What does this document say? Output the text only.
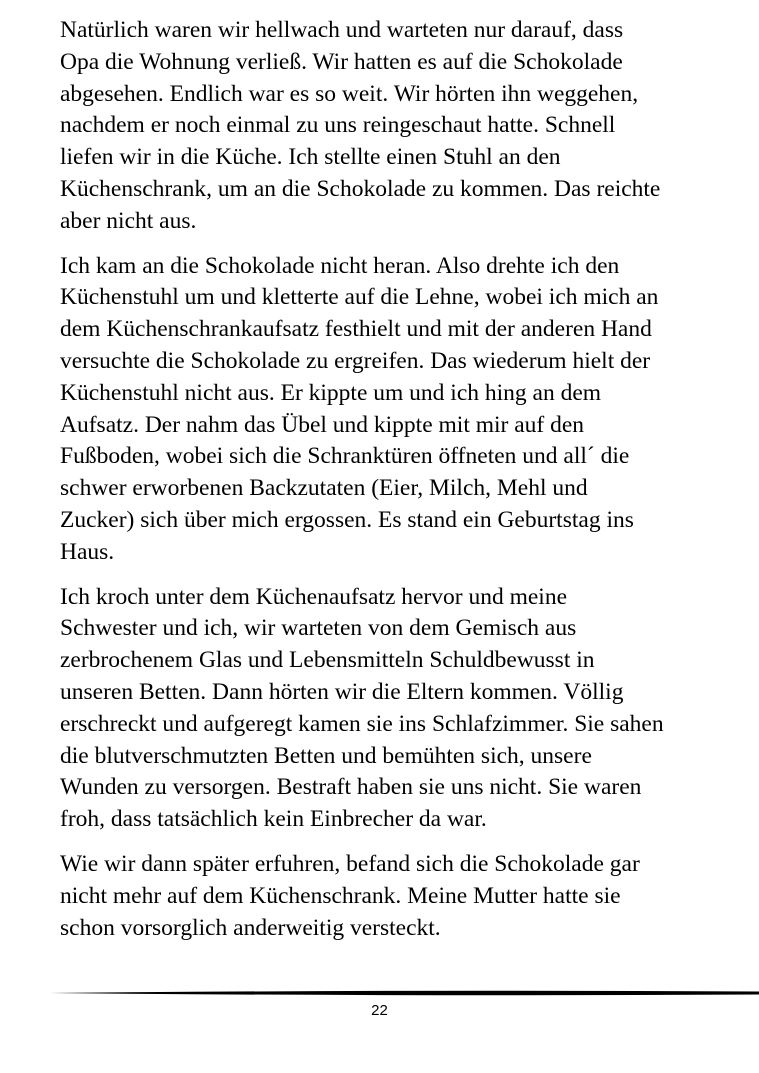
Natürlich waren wir hellwach und warteten nur darauf, dass
Opa die Wohnung verließ. Wir hatten es auf die Schokolade
abgesehen. Endlich war es so weit. Wir hörten ihn weggehen,
nachdem er noch einmal zu uns reingeschaut hatte. Schnell
liefen wir in die Küche. Ich stellte einen Stuhl an den
Küchenschrank, um an die Schokolade zu kommen. Das reichte
aber nicht aus.

Ich kam an die Schokolade nicht heran. Also drehte ich den
Küchenstuhl um und kletterte auf die Lehne, wobei ich mich an
dem Küchenschrankaufsatz festhielt und mit der anderen Hand
versuchte die Schokolade zu ergreifen. Das wiederum hielt der
Küchenstuhl nicht aus. Er kippte um und ich hing an dem
Aufsatz. Der nahm das Übel und kippte mit mir auf den
Fußboden, wobei sich die Schranktüren öffneten und all´ die
schwer erworbenen Backzutaten (Eier, Milch, Mehl und
Zucker) sich über mich ergossen. Es stand ein Geburtstag ins
Haus.

Ich kroch unter dem Küchenaufsatz hervor und meine
Schwester und ich, wir warteten von dem Gemisch aus
zerbrochenem Glas und Lebensmitteln Schuldbewusst in
unseren Betten. Dann hörten wir die Eltern kommen. Völlig
erschreckt und aufgeregt kamen sie ins Schlafzimmer. Sie sahen
die blutverschmutzten Betten und bemühten sich, unsere
Wunden zu versorgen. Bestraft haben sie uns nicht. Sie waren
froh, dass tatsächlich kein Einbrecher da war.

Wie wir dann später erfuhren, befand sich die Schokolade gar
nicht mehr auf dem Küchenschrank. Meine Mutter hatte sie
schon vorsorglich anderweitig versteckt.

22
